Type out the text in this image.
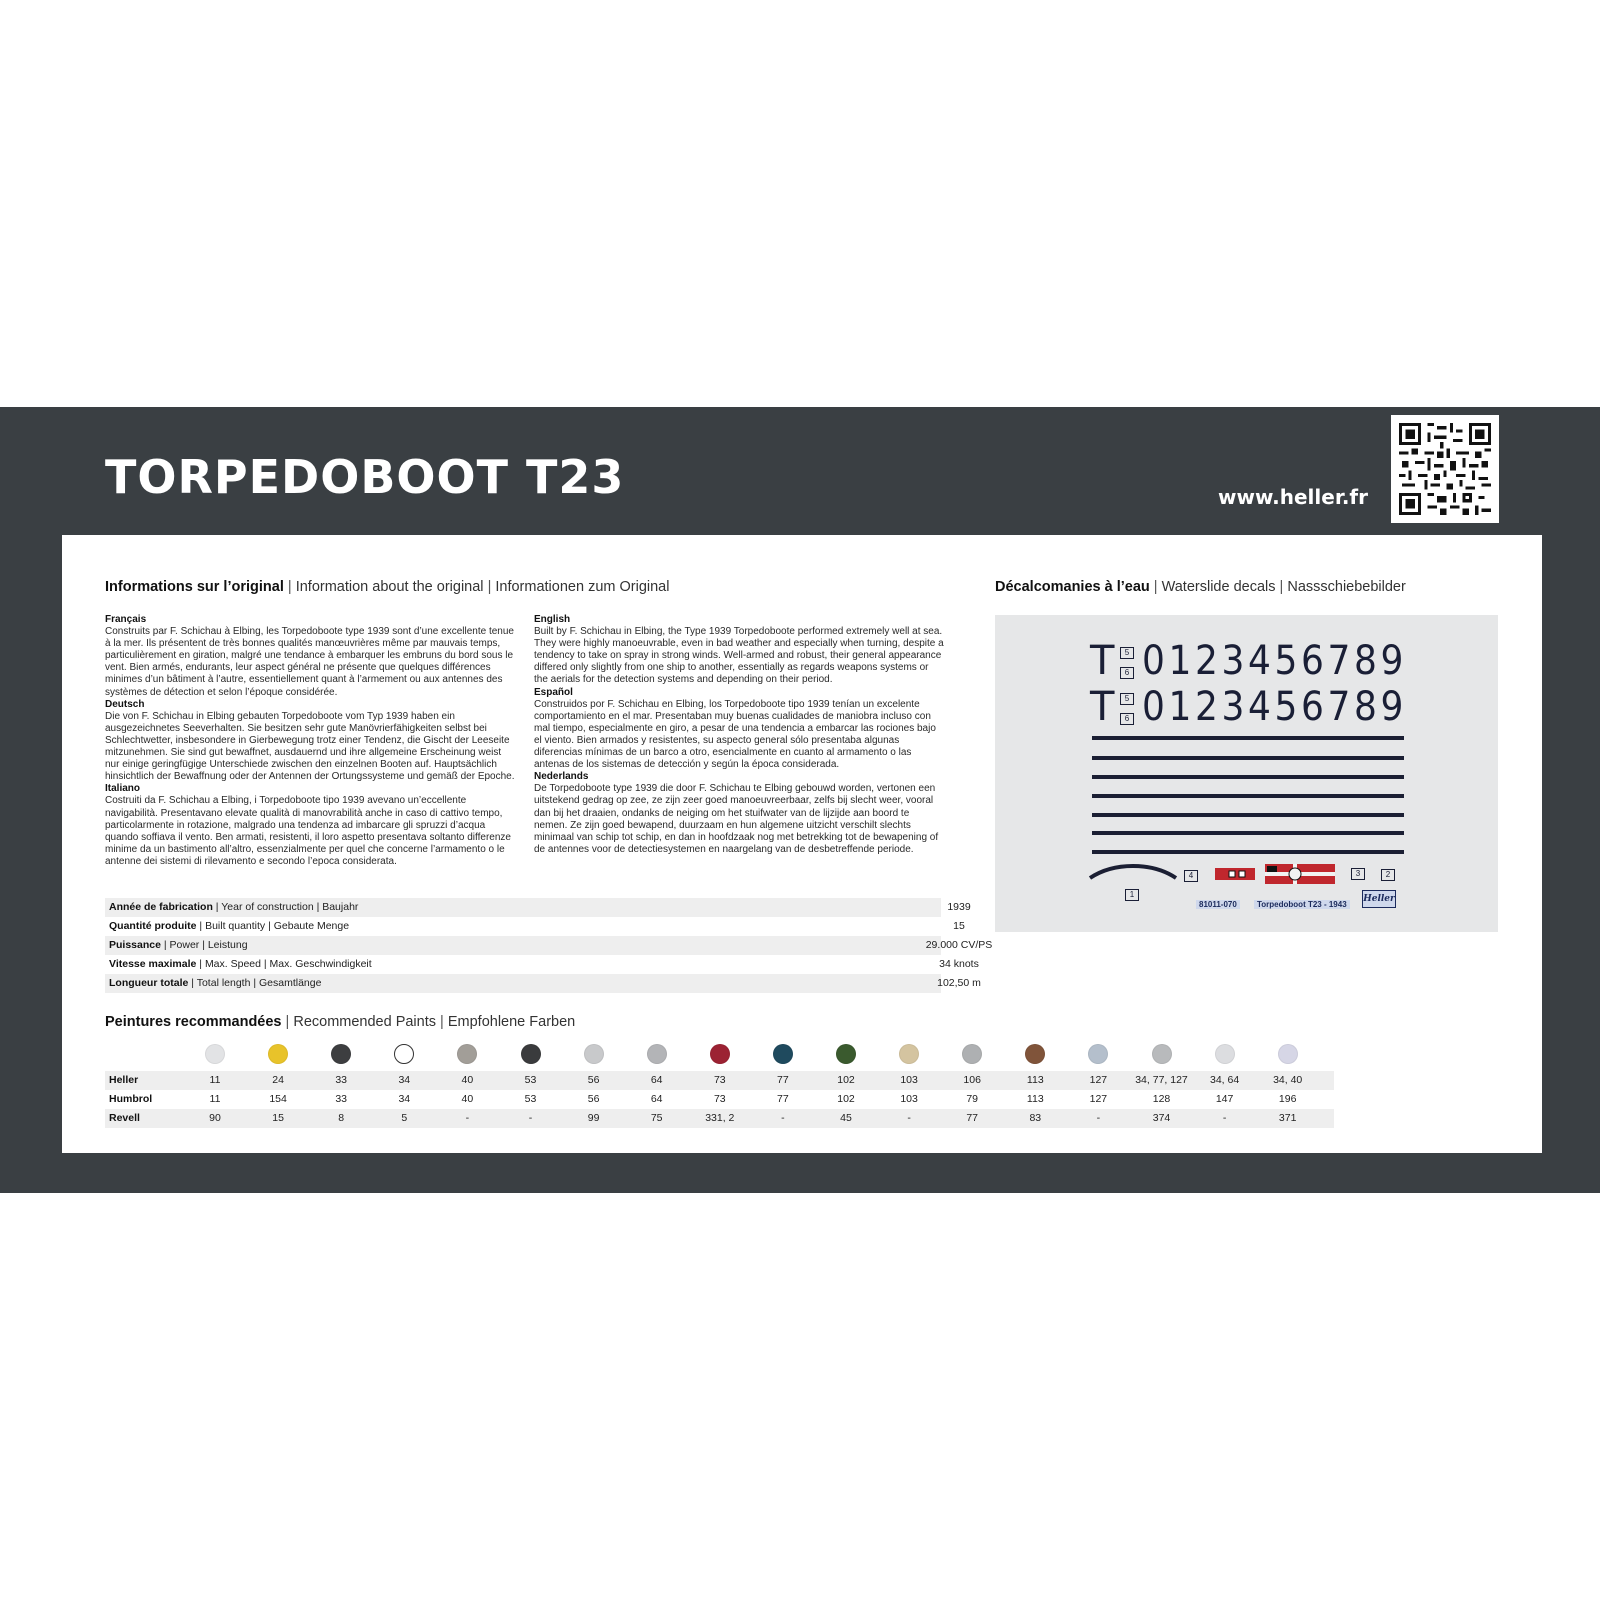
TORPEDOBOOT T23	www.heller.fr
Informations sur l’original | Information about the original | Informationen zum Original
Français
Construits par F. Schichau à Elbing, les Torpedoboote type 1939 sont d’une excellente tenue à la mer. Ils présentent de très bonnes qualités manœuvrières même par mauvais temps, particulièrement en giration, malgré une tendance à embarquer les embruns du bord sous le vent. Bien armés, endurants, leur aspect général ne présente que quelques différences minimes d’un bâtiment à l’autre, essentiellement quant à l’armement ou aux antennes des systèmes de détection et selon l’époque considérée.
Deutsch
Die von F. Schichau in Elbing gebauten Torpedoboote vom Typ 1939 haben ein ausgezeichnetes Seeverhalten. Sie besitzen sehr gute Manövrierfähigkeiten selbst bei Schlechtwetter, insbesondere in Gierbewegung trotz einer Tendenz, die Gischt der Leeseite mitzunehmen. Sie sind gut bewaffnet, ausdauernd und ihre allgemeine Erscheinung weist nur einige geringfügige Unterschiede zwischen den einzelnen Booten auf. Hauptsächlich hinsichtlich der Bewaffnung oder der Antennen der Ortungssysteme und gemäß der Epoche.
Italiano
Costruiti da F. Schichau a Elbing, i Torpedoboote tipo 1939 avevano un’eccellente navigabilità. Presentavano elevate qualità di manovrabilità anche in caso di cattivo tempo, particolarmente in rotazione, malgrado una tendenza ad imbarcare gli spruzzi d’acqua quando soffiava il vento. Ben armati, resistenti, il loro aspetto presentava soltanto differenze minime da un bastimento all’altro, essenzialmente per quel che concerne l’armamento o le antenne dei sistemi di rilevamento e secondo l’epoca considerata.
English
Built by F. Schichau in Elbing, the Type 1939 Torpedoboote performed extremely well at sea. They were highly manoeuvrable, even in bad weather and especially when turning, despite a tendency to take on spray in strong winds. Well-armed and robust, their general appearance differed only slightly from one ship to another, essentially as regards weapons systems or the aerials for the detection systems and depending on their period.
Español
Construidos por F. Schichau en Elbing, los Torpedoboote tipo 1939 tenían un excelente comportamiento en el mar. Presentaban muy buenas cualidades de maniobra incluso con mal tiempo, especialmente en giro, a pesar de una tendencia a embarcar las rociones bajo el viento. Bien armados y resistentes, su aspecto general sólo presentaba algunas diferencias mínimas de un barco a otro, esencialmente en cuanto al armamento o las antenas de los sistemas de detección y según la época considerada.
Nederlands
De Torpedoboote type 1939 die door F. Schichau te Elbing gebouwd worden, vertonen een uitstekend gedrag op zee, ze zijn zeer goed manoeuvreerbaar, zelfs bij slecht weer, vooral dan bij het draaien, ondanks de neiging om het stuifwater van de lijzijde aan boord te nemen. Ze zijn goed bewapend, duurzaam en hun algemene uitzicht verschilt slechts minimaal van schip tot schip, en dan in hoofdzaak nog met betrekking tot de bewapening of de antennes voor de detectiesystemen en naargelang van de desbetreffende periode.
Année de fabrication | Year of construction | Baujahr	1939
Quantité produite | Built quantity | Gebaute Menge	15
Puissance | Power | Leistung	29.000 CV/PS
Vitesse maximale | Max. Speed | Max. Geschwindigkeit	34 knots
Longueur totale | Total length | Gesamtlänge	102,50 m
Décalcomanies à l’eau | Waterslide decals | Nassschiebebilder
T	5
6 0123456789
T	5
6 0123456789
1
4	3	2
81011-070	Torpedoboot T23 - 1943
Heller
Peintures recommandées | Recommended Paints | Empfohlene Farben
Heller	11	24	33	34	40	53	56	64	73	77	102	103	106	113	127	34, 77, 127	34, 64	34, 40
Humbrol	11	154	33	34	40	53	56	64	73	77	102	103	79	113	127	128	147	196
Revell	90	15	8	5	-	-	99	75	331, 2	-	45	-	77	83	-	374	-	371
